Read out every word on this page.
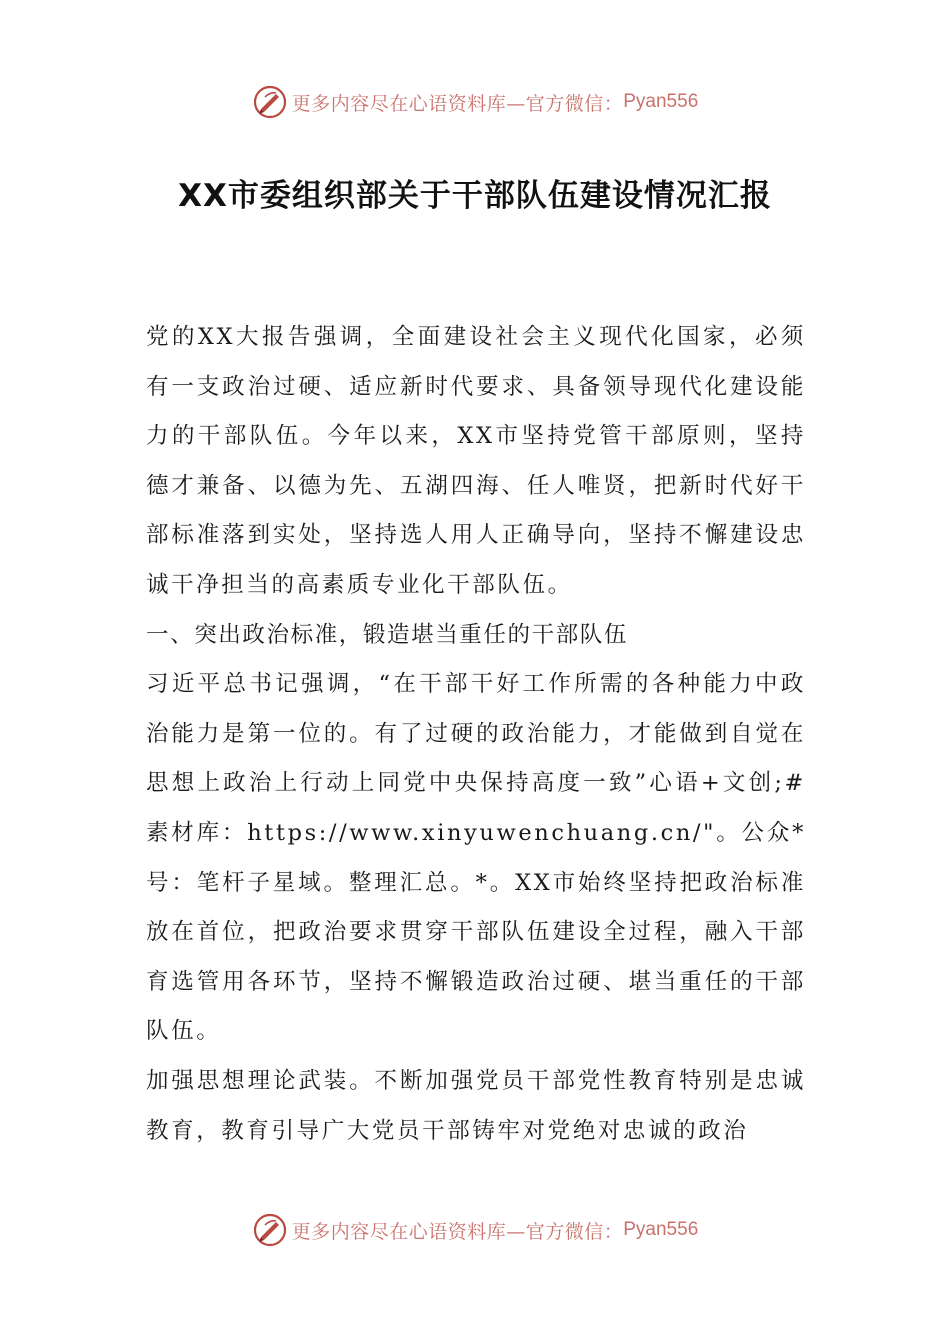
更多内容尽在心语资料库—官方微信： Pyan556
XX市委组织部关于干部队伍建设情况汇报

党的XX大报告强调，全面建设社会主义现代化国家，必须有一支政治过硬、适应新时代要求、具备领导现代化建设能力的干部队伍。今年以来，XX市坚持党管干部原则，坚持德才兼备、以德为先、五湖四海、任人唯贤，把新时代好干部标准落到实处，坚持选人用人正确导向，坚持不懈建设忠诚干净担当的高素质专业化干部队伍。

一、突出政治标准，锻造堪当重任的干部队伍

习近平总书记强调，“在干部干好工作所需的各种能力中政治能力是第一位的。有了过硬的政治能力，才能做到自觉在思想上政治上行动上同党中央保持高度一致”心语+文创;#素材库：https://www.xinyuwenchuang.cn/"。公众*号：笔杆子星域。整理汇总。*。XX市始终坚持把政治标准放在首位，把政治要求贯穿干部队伍建设全过程，融入干部育选管用各环节，坚持不懈锻造政治过硬、堪当重任的干部队伍。

加强思想理论武装。不断加强党员干部党性教育特别是忠诚教育，教育引导广大党员干部铸牢对党绝对忠诚的政治

更多内容尽在心语资料库—官方微信： Pyan556
